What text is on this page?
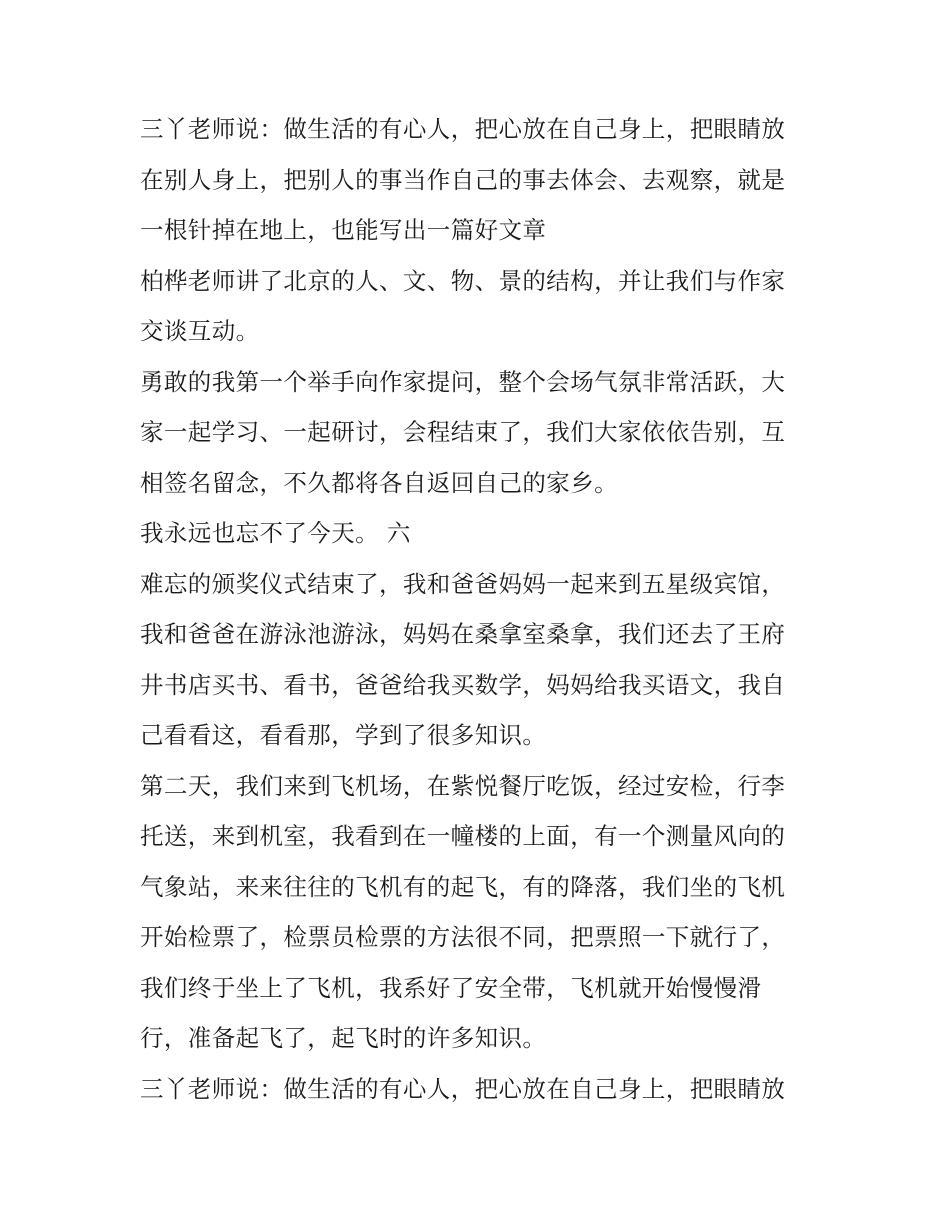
三丫老师说：做生活的有心人，把心放在自己身上，把眼睛放
在别人身上，把别人的事当作自己的事去体会、去观察，就是
一根针掉在地上，也能写出一篇好文章
柏桦老师讲了北京的人、文、物、景的结构，并让我们与作家
交谈互动。
勇敢的我第一个举手向作家提问，整个会场气氛非常活跃，大
家一起学习、一起研讨，会程结束了，我们大家依依告别，互
相签名留念，不久都将各自返回自己的家乡。
我永远也忘不了今天。 六
难忘的颁奖仪式结束了，我和爸爸妈妈一起来到五星级宾馆，
我和爸爸在游泳池游泳，妈妈在桑拿室桑拿，我们还去了王府
井书店买书、看书，爸爸给我买数学，妈妈给我买语文，我自
己看看这，看看那，学到了很多知识。
第二天，我们来到飞机场，在紫悦餐厅吃饭，经过安检，行李
托送，来到机室，我看到在一幢楼的上面，有一个测量风向的
气象站，来来往往的飞机有的起飞，有的降落，我们坐的飞机
开始检票了，检票员检票的方法很不同，把票照一下就行了，
我们终于坐上了飞机，我系好了安全带，飞机就开始慢慢滑
行，准备起飞了，起飞时的许多知识。
三丫老师说：做生活的有心人，把心放在自己身上，把眼睛放
